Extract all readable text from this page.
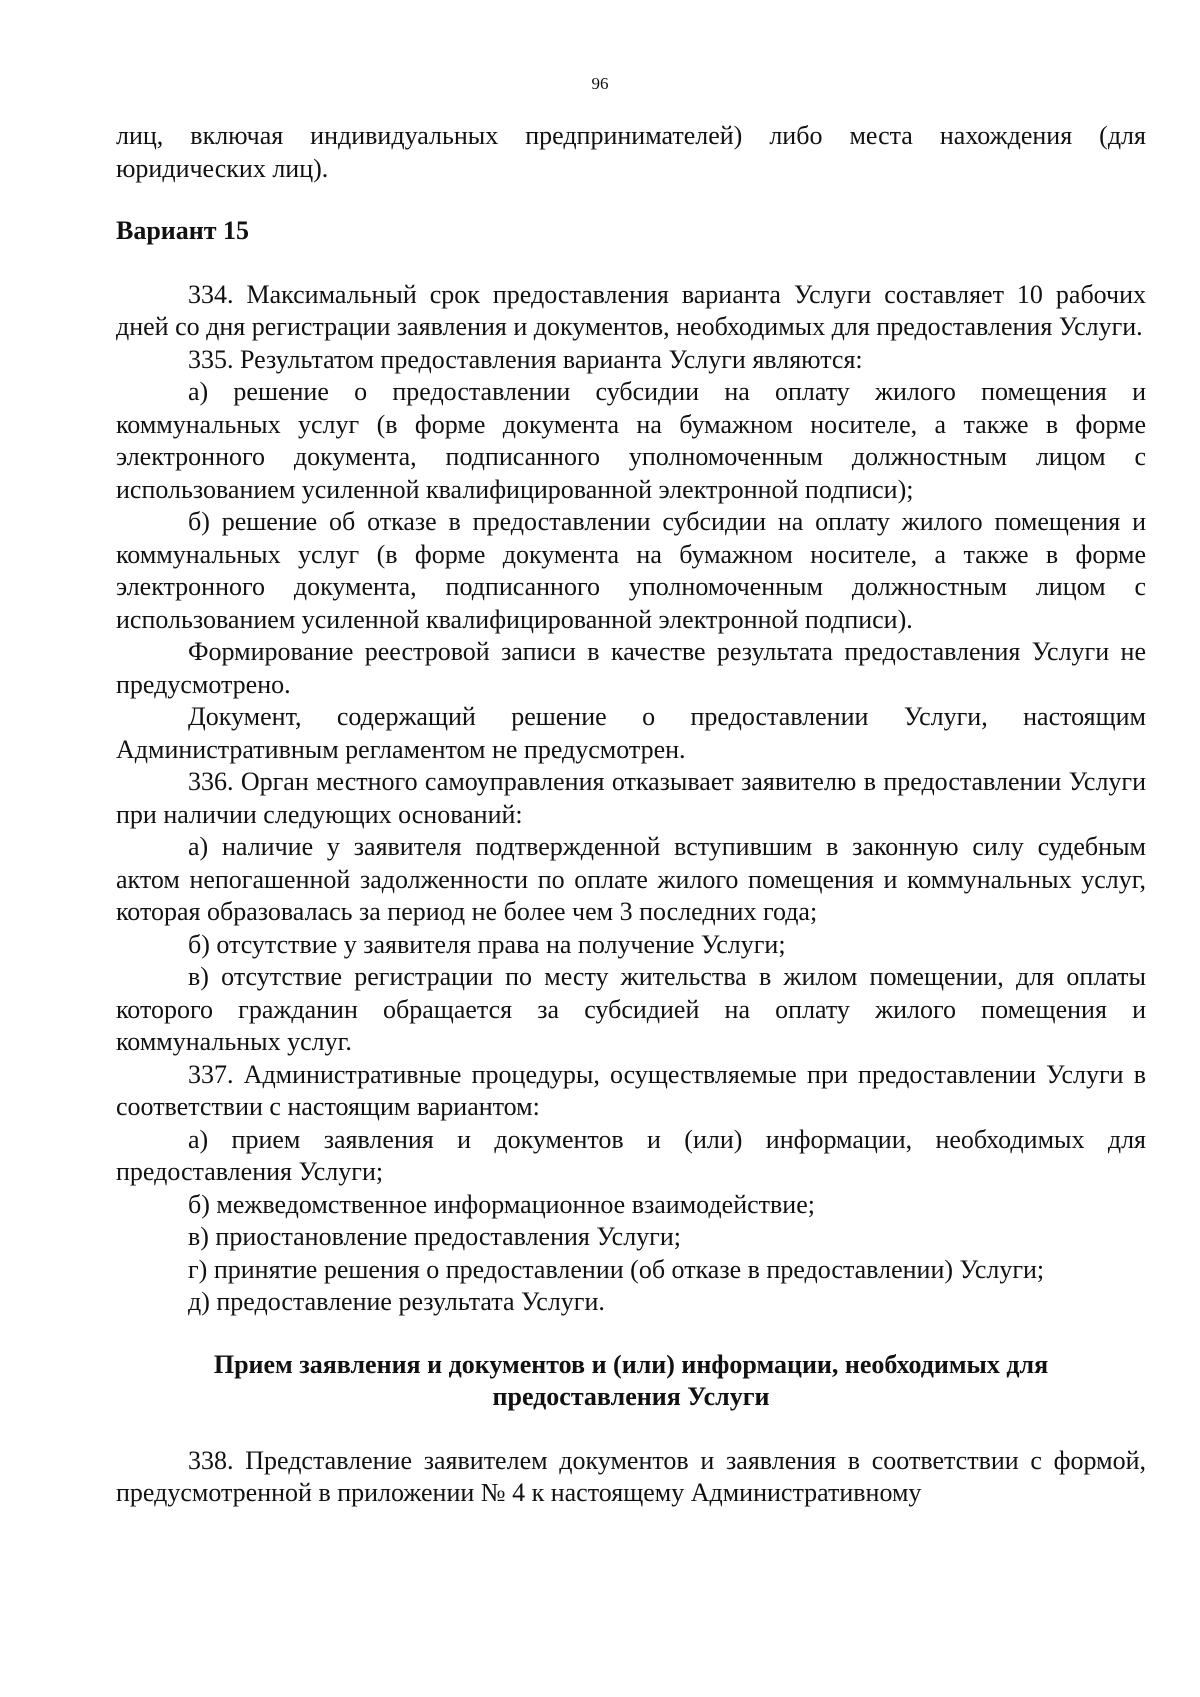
96

лиц, включая индивидуальных предпринимателей) либо места нахождения (для юридических лиц).

Вариант 15

334. Максимальный срок предоставления варианта Услуги составляет 10 рабочих дней со дня регистрации заявления и документов, необходимых для предоставления Услуги.

335. Результатом предоставления варианта Услуги являются:

а) решение о предоставлении субсидии на оплату жилого помещения и коммунальных услуг (в форме документа на бумажном носителе, а также в форме электронного документа, подписанного уполномоченным должностным лицом с использованием усиленной квалифицированной электронной подписи);

б) решение об отказе в предоставлении субсидии на оплату жилого помещения и коммунальных услуг (в форме документа на бумажном носителе, а также в форме электронного документа, подписанного уполномоченным должностным лицом с использованием усиленной квалифицированной электронной подписи).

Формирование реестровой записи в качестве результата предоставления Услуги не предусмотрено.

Документ, содержащий решение о предоставлении Услуги, настоящим Административным регламентом не предусмотрен.

336. Орган местного самоуправления отказывает заявителю в предоставлении Услуги при наличии следующих оснований:

а) наличие у заявителя подтвержденной вступившим в законную силу судебным актом непогашенной задолженности по оплате жилого помещения и коммунальных услуг, которая образовалась за период не более чем 3 последних года;

б) отсутствие у заявителя права на получение Услуги;

в) отсутствие регистрации по месту жительства в жилом помещении, для оплаты которого гражданин обращается за субсидией на оплату жилого помещения и коммунальных услуг.

337. Административные процедуры, осуществляемые при предоставлении Услуги в соответствии с настоящим вариантом:

а) прием заявления и документов и (или) информации, необходимых для предоставления Услуги;

б) межведомственное информационное взаимодействие;

в) приостановление предоставления Услуги;

г) принятие решения о предоставлении (об отказе в предоставлении) Услуги;

д) предоставление результата Услуги.

Прием заявления и документов и (или) информации, необходимых для
предоставления Услуги

338. Представление заявителем документов и заявления в соответствии с формой, предусмотренной в приложении № 4 к настоящему Административному
